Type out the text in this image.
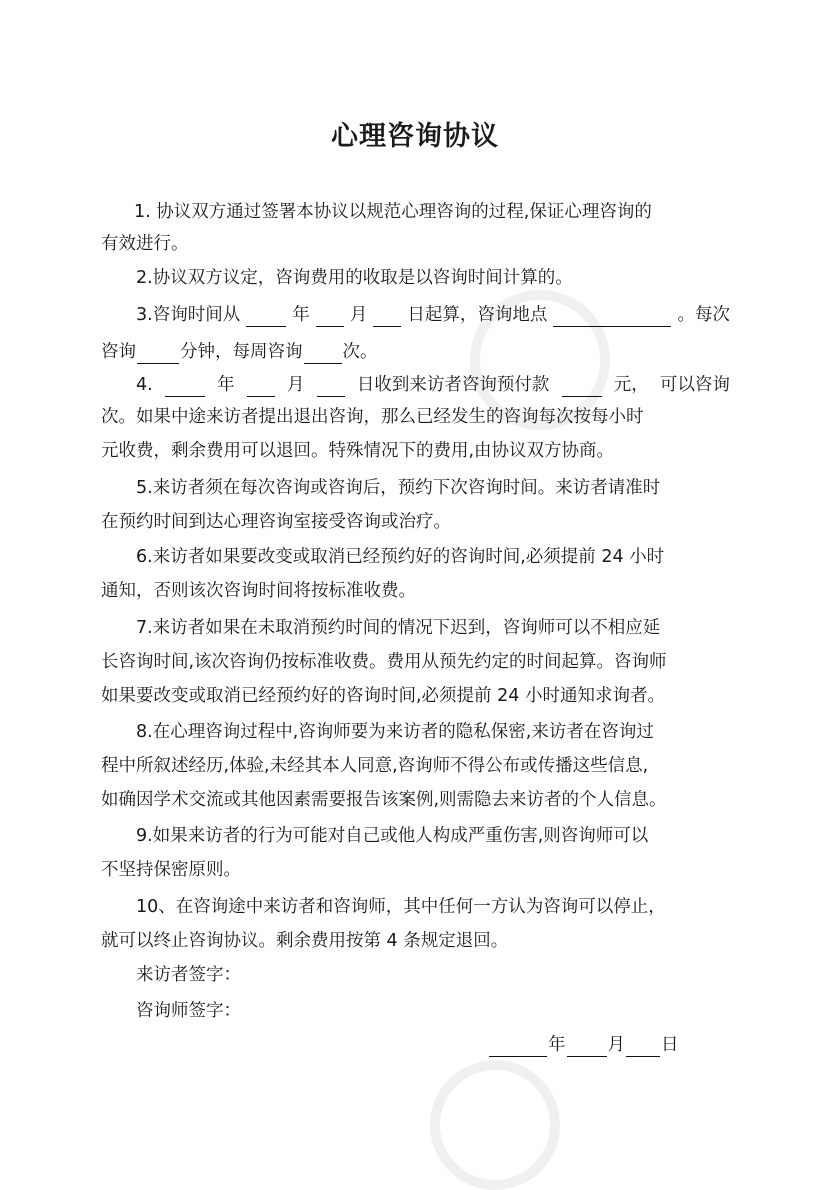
心理咨询协议
1. 协议双方通过签署本协议以规范心理咨询的过程,保证心理咨询的
有效进行。
2.协议双方议定，咨询费用的收取是以咨询时间计算的。
3.咨询时间从	年 月 日起算，咨询地点	。每次
咨询	分钟，每周咨询 次。
4.	年	月	日收到来访者咨询预付款	元， 可以咨询
次。如果中途来访者提出退出咨询，那么已经发生的咨询每次按每小时
元收费，剩余费用可以退回。特殊情况下的费用,由协议双方协商。
5.来访者须在每次咨询或咨询后，预约下次咨询时间。来访者请准时
在预约时间到达心理咨询室接受咨询或治疗。
6.来访者如果要改变或取消已经预约好的咨询时间,必须提前 24 小时
通知，否则该次咨询时间将按标准收费。
7.来访者如果在未取消预约时间的情况下迟到，咨询师可以不相应延
长咨询时间,该次咨询仍按标准收费。费用从预先约定的时间起算。咨询师
如果要改变或取消已经预约好的咨询时间,必须提前 24 小时通知求询者。
8.在心理咨询过程中,咨询师要为来访者的隐私保密,来访者在咨询过
程中所叙述经历,体验,未经其本人同意,咨询师不得公布或传播这些信息,
如确因学术交流或其他因素需要报告该案例,则需隐去来访者的个人信息。
9.如果来访者的行为可能对自己或他人构成严重伤害,则咨询师可以
不坚持保密原则。
10、在咨询途中来访者和咨询师，其中任何一方认为咨询可以停止，
就可以终止咨询协议。剩余费用按第 4 条规定退回。
来访者签字：
咨询师签字：
年 月 日
